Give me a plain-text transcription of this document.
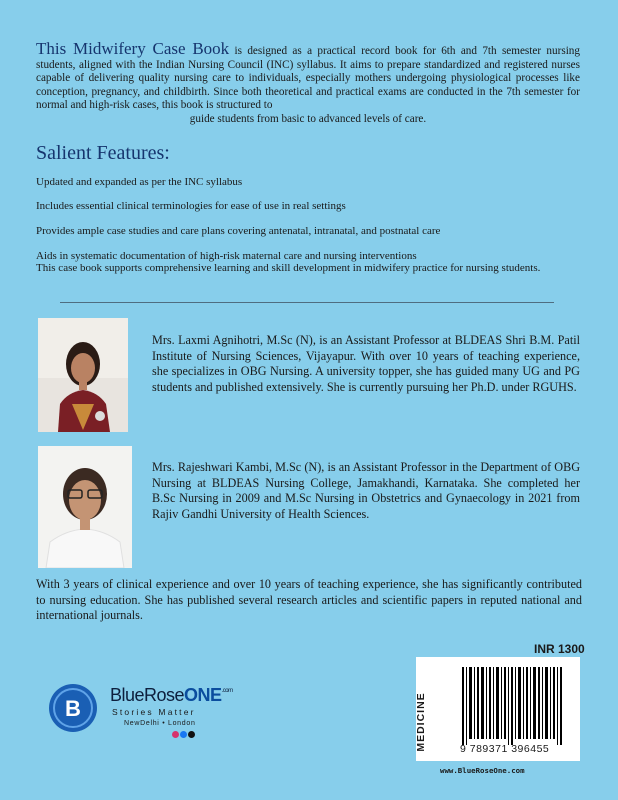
This Midwifery Case Book is designed as a practical record book for 6th and 7th semester nursing students, aligned with the Indian Nursing Council (INC) syllabus. It aims to prepare standardized and registered nurses capable of delivering quality nursing care to individuals, especially mothers undergoing physiological processes like conception, pregnancy, and childbirth. Since both theoretical and practical exams are conducted in the 7th semester for normal and high-risk cases, this book is structured to
guide students from basic to advanced levels of care.
Salient Features:
Updated and expanded as per the INC syllabus
Includes essential clinical terminologies for ease of use in real settings
Provides ample case studies and care plans covering antenatal, intranatal, and postnatal care
Aids in systematic documentation of high-risk maternal care and nursing interventions
This case book supports comprehensive learning and skill development in midwifery practice for nursing students.
Mrs. Laxmi Agnihotri, M.Sc (N), is an Assistant Professor at BLDEAS Shri B.M. Patil Institute of Nursing Sciences, Vijayapur. With over 10 years of teaching experience, she specializes in OBG Nursing. A university topper, she has guided many UG and PG students and published extensively. She is currently pursuing her Ph.D. under RGUHS.
Mrs. Rajeshwari Kambi, M.Sc (N), is an Assistant Professor in the Department of OBG Nursing at BLDEAS Nursing College, Jamakhandi, Karnataka. She completed her B.Sc Nursing in 2009 and M.Sc Nursing in Obstetrics and Gynaecology in 2021 from Rajiv Gandhi University of Health Sciences.
With 3 years of clinical experience and over 10 years of teaching experience, she has significantly contributed to nursing education. She has published several research articles and scientific papers in reputed national and international journals.
INR 1300
MEDICINE	9 789371 396455
www.BlueRoseOne.com
B
BlueRoseONE$^{.com}$
Stories Matter
NewDelhi • London
